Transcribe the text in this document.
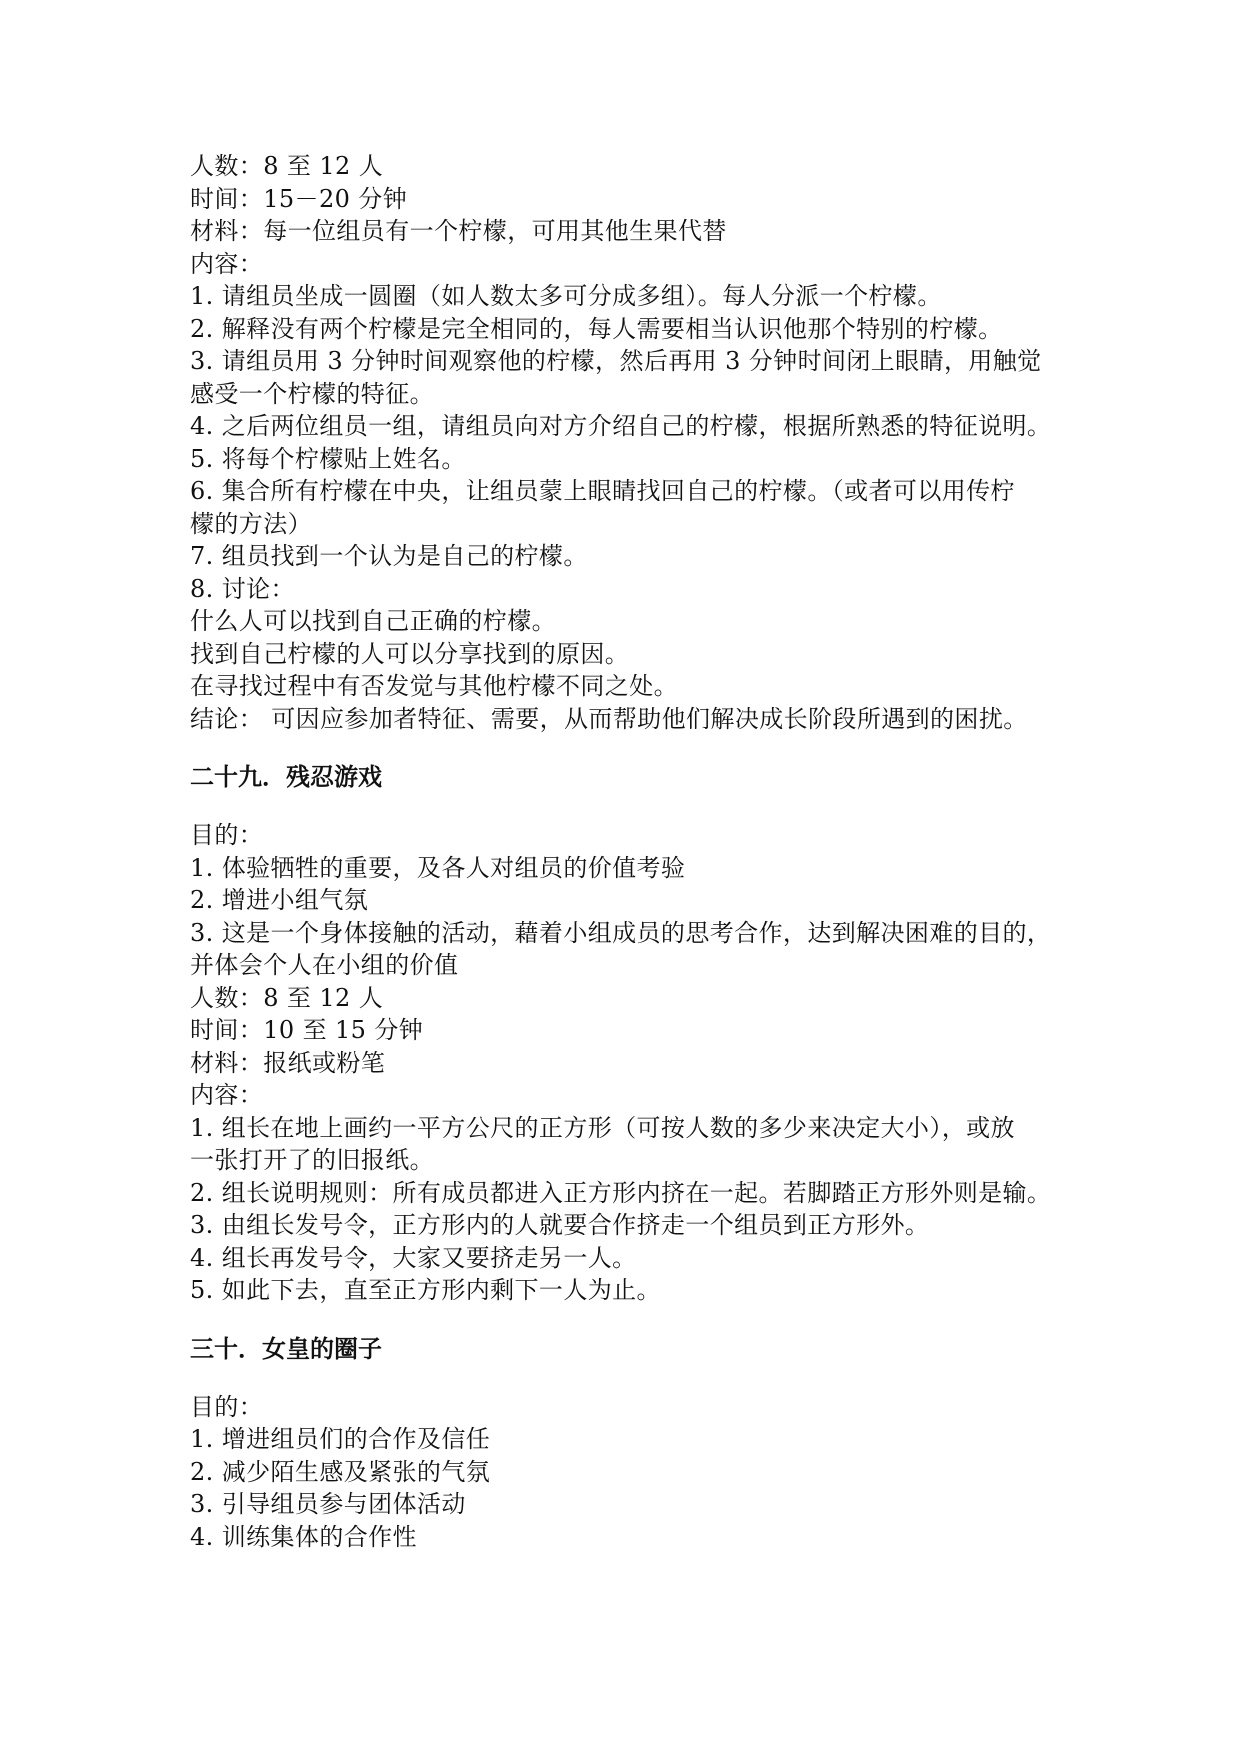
人数：8 至 12 人
时间：15－20 分钟
材料：每一位组员有一个柠檬，可用其他生果代替
内容：
1. 请组员坐成一圆圈（如人数太多可分成多组）。每人分派一个柠檬。
2. 解释没有两个柠檬是完全相同的，每人需要相当认识他那个特别的柠檬。
3. 请组员用 3 分钟时间观察他的柠檬，然后再用 3 分钟时间闭上眼睛，用触觉
感受一个柠檬的特征。
4. 之后两位组员一组，请组员向对方介绍自己的柠檬，根据所熟悉的特征说明。
5. 将每个柠檬贴上姓名。
6. 集合所有柠檬在中央，让组员蒙上眼睛找回自己的柠檬。（或者可以用传柠
檬的方法）
7. 组员找到一个认为是自己的柠檬。
8. 讨论：
什么人可以找到自己正确的柠檬。
找到自己柠檬的人可以分享找到的原因。
在寻找过程中有否发觉与其他柠檬不同之处。
结论： 可因应参加者特征、需要，从而帮助他们解决成长阶段所遇到的困扰。
二十九．残忍游戏
目的：
1. 体验牺牲的重要，及各人对组员的价值考验
2. 增进小组气氛
3. 这是一个身体接触的活动，藉着小组成员的思考合作，达到解决困难的目的，
并体会个人在小组的价值
人数：8 至 12 人
时间：10 至 15 分钟
材料：报纸或粉笔
内容：
1. 组长在地上画约一平方公尺的正方形（可按人数的多少来决定大小），或放
一张打开了的旧报纸。
2. 组长说明规则：所有成员都进入正方形内挤在一起。若脚踏正方形外则是输。
3. 由组长发号令，正方形内的人就要合作挤走一个组员到正方形外。
4. 组长再发号令，大家又要挤走另一人。
5. 如此下去，直至正方形内剩下一人为止。
三十．女皇的圈子
目的：
1. 增进组员们的合作及信任
2. 减少陌生感及紧张的气氛
3. 引导组员参与团体活动
4. 训练集体的合作性
